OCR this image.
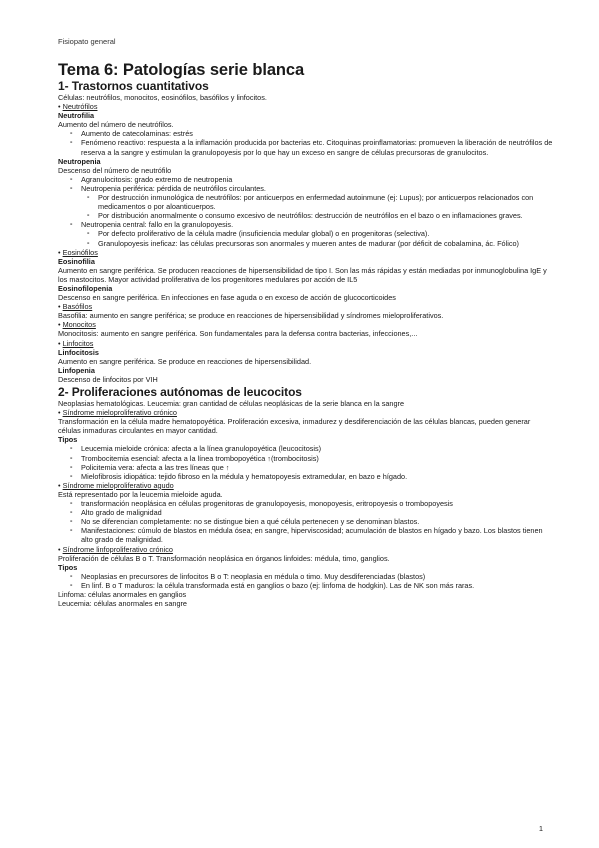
Fisiopato general
Tema 6: Patologías serie blanca
1- Trastornos cuantitativos

Células: neutrófilos, monocitos, eosinófilos, basófilos y linfocitos.

• Neutrófilos

Neutrofilia

Aumento del número de neutrófilos.

- Aumento de catecolaminas: estrés
- Fenómeno reactivo: respuesta a la inflamación producida por bacterias etc. Citoquinas proinflamatorias: promueven la liberación de neutrófilos de reserva a la sangre y estimulan la granulopoyesis por lo que hay un exceso en sangre de células precursoras de granulocitos.

Neutropenia

Descenso del número de neutrófilo

- Agranulocitosis: grado extremo de neutropenia
- Neutropenia periférica: pérdida de neutrófilos circulantes.
- Por destrucción inmunológica de neutrófilos: por anticuerpos en enfermedad autoinmune (ej: Lupus); por anticuerpos relacionados con medicamentos o por aloanticuerpos.
- Por distribución anormalmente o consumo excesivo de neutrófilos: destrucción de neutrófilos en el bazo o en inflamaciones graves.
- Neutropenia central: fallo en la granulopoyesis.
- Por defecto proliferativo de la célula madre (insuficiencia medular global) o en progenitoras (selectiva).
- Granulopoyesis ineficaz: las células precursoras son anormales y mueren antes de madurar (por déficit de cobalamina, ác. Fólico)

• Eosinófilos

Eosinofilia

Aumento en sangre periférica. Se producen reacciones de hipersensibilidad de tipo I. Son las más rápidas y están mediadas por inmunoglobulina IgE y los mastocitos. Mayor actividad proliferativa de los progenitores medulares por acción de IL5

Eosinofilopenia

Descenso en sangre periférica. En infecciones en fase aguda o en exceso de acción de glucocorticoides

• Basófilos

Basofilia: aumento en sangre periférica; se produce en reacciones de hipersensibilidad y síndromes mieloproliferativos.

• Monocitos

Monocitosis: aumento en sangre periférica. Son fundamentales para la defensa contra bacterias, infecciones,...

• Linfocitos

Linfocitosis

Aumento en sangre periférica. Se produce en reacciones de hipersensibilidad.

Linfopenia

Descenso de linfocitos por VIH

2- Proliferaciones autónomas de leucocitos

Neoplasias hematológicas. Leucemia: gran cantidad de células neoplásicas de la serie blanca en la sangre

• Síndrome mieloproliferativo crónico

Transformación en la célula madre hematopoyética. Proliferación excesiva, inmadurez y desdiferenciación de las células blancas, pueden generar células inmaduras circulantes en mayor cantidad.

Tipos

- Leucemia mieloide crónica: afecta a la línea granulopoyética (leucocitosis)
- Trombocitemia esencial: afecta a la línea trombopoyética ↑(trombocitosis)
- Policitemia vera: afecta a las tres líneas que ↑
- Mielofibrosis idiopática: tejido fibroso en la médula y hematopoyesis extramedular, en bazo e hígado.

• Síndrome mieloproliferativo agudo

Está representado por la leucemia mieloide aguda.

- transformación neoplásica en células progenitoras de granulopoyesis, monopoyesis, eritropoyesis o trombopoyesis
- Alto grado de malignidad
- No se diferencian completamente: no se distingue bien a qué célula pertenecen y se denominan blastos.
- Manifestaciones: cúmulo de blastos en médula ósea; en sangre, hiperviscosidad; acumulación de blastos en hígado y bazo. Los blastos tienen alto grado de malignidad.

• Síndrome linfoproliferativo crónico

Proliferación de células B o T. Transformación neoplásica en órganos linfoides: médula, timo, ganglios.

Tipos

- Neoplasias en precursores de linfocitos B o T: neoplasia en médula o timo. Muy desdiferenciadas (blastos)
- En linf. B o T maduros: la célula transformada está en ganglios o bazo (ej: linfoma de hodgkin). Las de NK son más raras.

Linfoma: células anormales en ganglios

Leucemia: células anormales en sangre

1
